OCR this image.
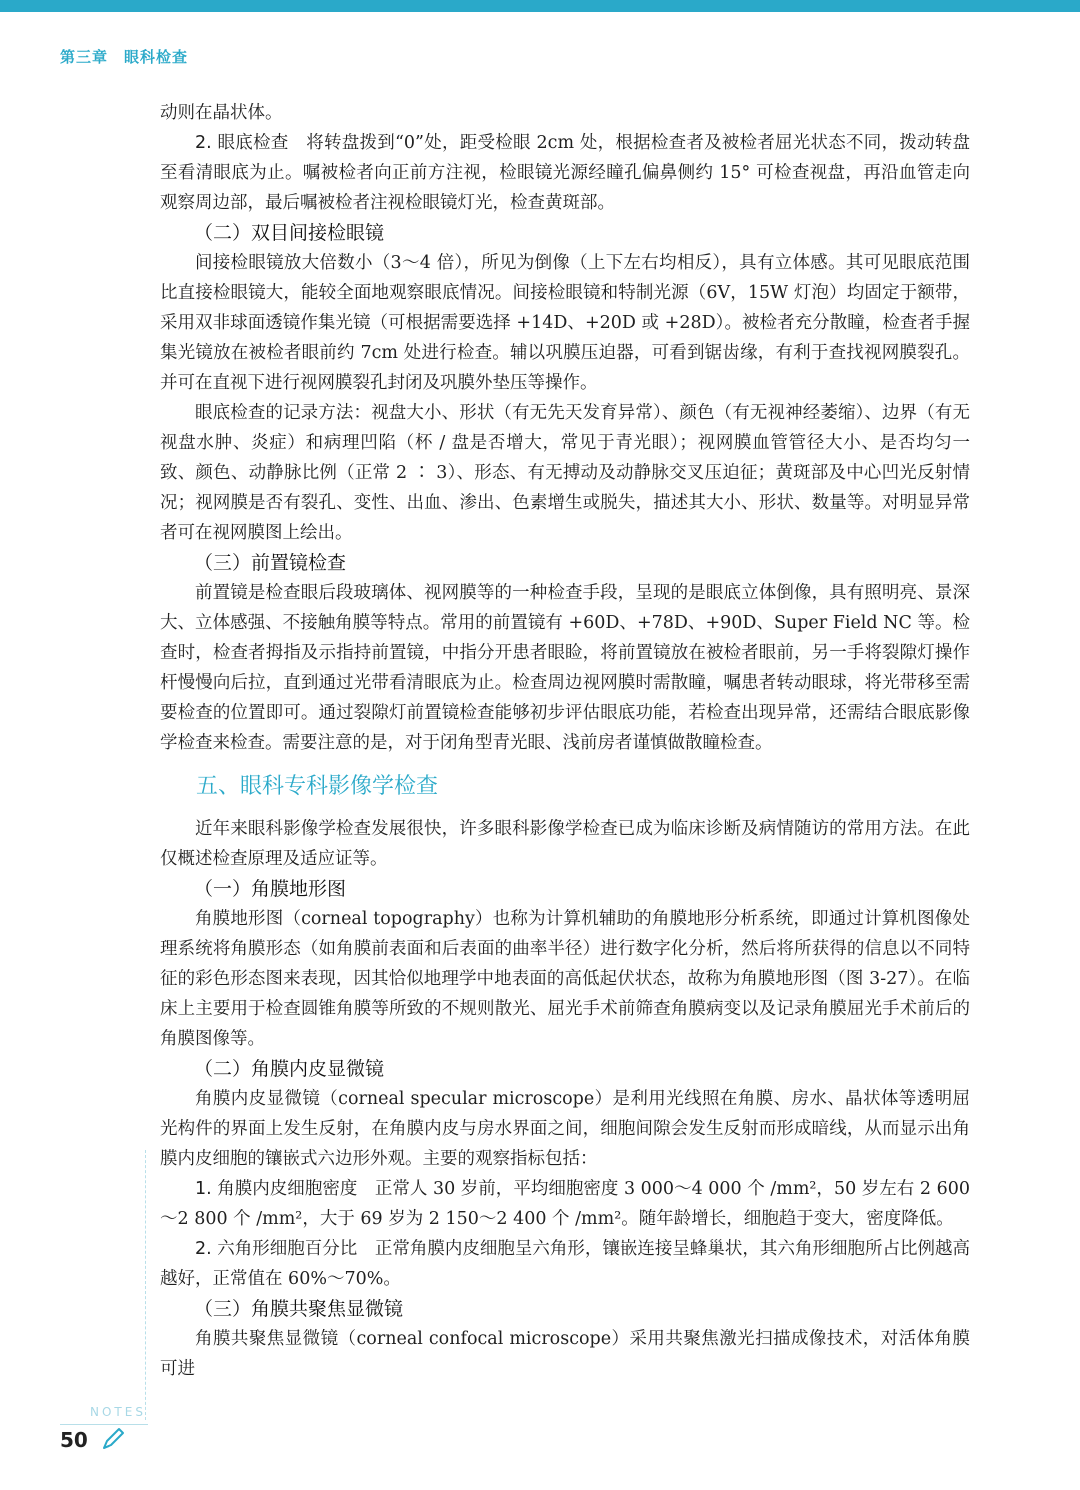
第三章　眼科检查

动则在晶状体。

2. 眼底检查　将转盘拨到“0”处，距受检眼 2cm 处，根据检查者及被检者屈光状态不同，拨动转盘至看清眼底为止。嘱被检者向正前方注视，检眼镜光源经瞳孔偏鼻侧约 15° 可检查视盘，再沿血管走向观察周边部，最后嘱被检者注视检眼镜灯光，检查黄斑部。

（二）双目间接检眼镜

间接检眼镜放大倍数小（3～4 倍），所见为倒像（上下左右均相反），具有立体感。其可见眼底范围比直接检眼镜大，能较全面地观察眼底情况。间接检眼镜和特制光源（6V，15W 灯泡）均固定于额带，采用双非球面透镜作集光镜（可根据需要选择 +14D、+20D 或 +28D）。被检者充分散瞳，检查者手握集光镜放在被检者眼前约 7cm 处进行检查。辅以巩膜压迫器，可看到锯齿缘，有利于查找视网膜裂孔。并可在直视下进行视网膜裂孔封闭及巩膜外垫压等操作。

眼底检查的记录方法：视盘大小、形状（有无先天发育异常）、颜色（有无视神经萎缩）、边界（有无视盘水肿、炎症）和病理凹陷（杯 / 盘是否增大，常见于青光眼）；视网膜血管管径大小、是否均匀一致、颜色、动静脉比例（正常 2 ∶ 3）、形态、有无搏动及动静脉交叉压迫征；黄斑部及中心凹光反射情况；视网膜是否有裂孔、变性、出血、渗出、色素增生或脱失，描述其大小、形状、数量等。对明显异常者可在视网膜图上绘出。

（三）前置镜检查

前置镜是检查眼后段玻璃体、视网膜等的一种检查手段，呈现的是眼底立体倒像，具有照明亮、景深大、立体感强、不接触角膜等特点。常用的前置镜有 +60D、+78D、+90D、Super Field NC 等。检查时，检查者拇指及示指持前置镜，中指分开患者眼睑，将前置镜放在被检者眼前，另一手将裂隙灯操作杆慢慢向后拉，直到通过光带看清眼底为止。检查周边视网膜时需散瞳，嘱患者转动眼球，将光带移至需要检查的位置即可。通过裂隙灯前置镜检查能够初步评估眼底功能，若检查出现异常，还需结合眼底影像学检查来检查。需要注意的是，对于闭角型青光眼、浅前房者谨慎做散瞳检查。

五、眼科专科影像学检查

近年来眼科影像学检查发展很快，许多眼科影像学检查已成为临床诊断及病情随访的常用方法。在此仅概述检查原理及适应证等。

（一）角膜地形图

角膜地形图（corneal topography）也称为计算机辅助的角膜地形分析系统，即通过计算机图像处理系统将角膜形态（如角膜前表面和后表面的曲率半径）进行数字化分析，然后将所获得的信息以不同特征的彩色形态图来表现，因其恰似地理学中地表面的高低起伏状态，故称为角膜地形图（图 3-27）。在临床上主要用于检查圆锥角膜等所致的不规则散光、屈光手术前筛查角膜病变以及记录角膜屈光手术前后的角膜图像等。

（二）角膜内皮显微镜

角膜内皮显微镜（corneal specular microscope）是利用光线照在角膜、房水、晶状体等透明屈光构件的界面上发生反射，在角膜内皮与房水界面之间，细胞间隙会发生反射而形成暗线，从而显示出角膜内皮细胞的镶嵌式六边形外观。主要的观察指标包括：

1. 角膜内皮细胞密度　正常人 30 岁前，平均细胞密度 3 000～4 000 个 /mm²，50 岁左右 2 600～2 800 个 /mm²，大于 69 岁为 2 150～2 400 个 /mm²。随年龄增长，细胞趋于变大，密度降低。

2. 六角形细胞百分比　正常角膜内皮细胞呈六角形，镶嵌连接呈蜂巢状，其六角形细胞所占比例越高越好，正常值在 60%～70%。

（三）角膜共聚焦显微镜

角膜共聚焦显微镜（corneal confocal microscope）采用共聚焦激光扫描成像技术，对活体角膜可进

NOTES
50
